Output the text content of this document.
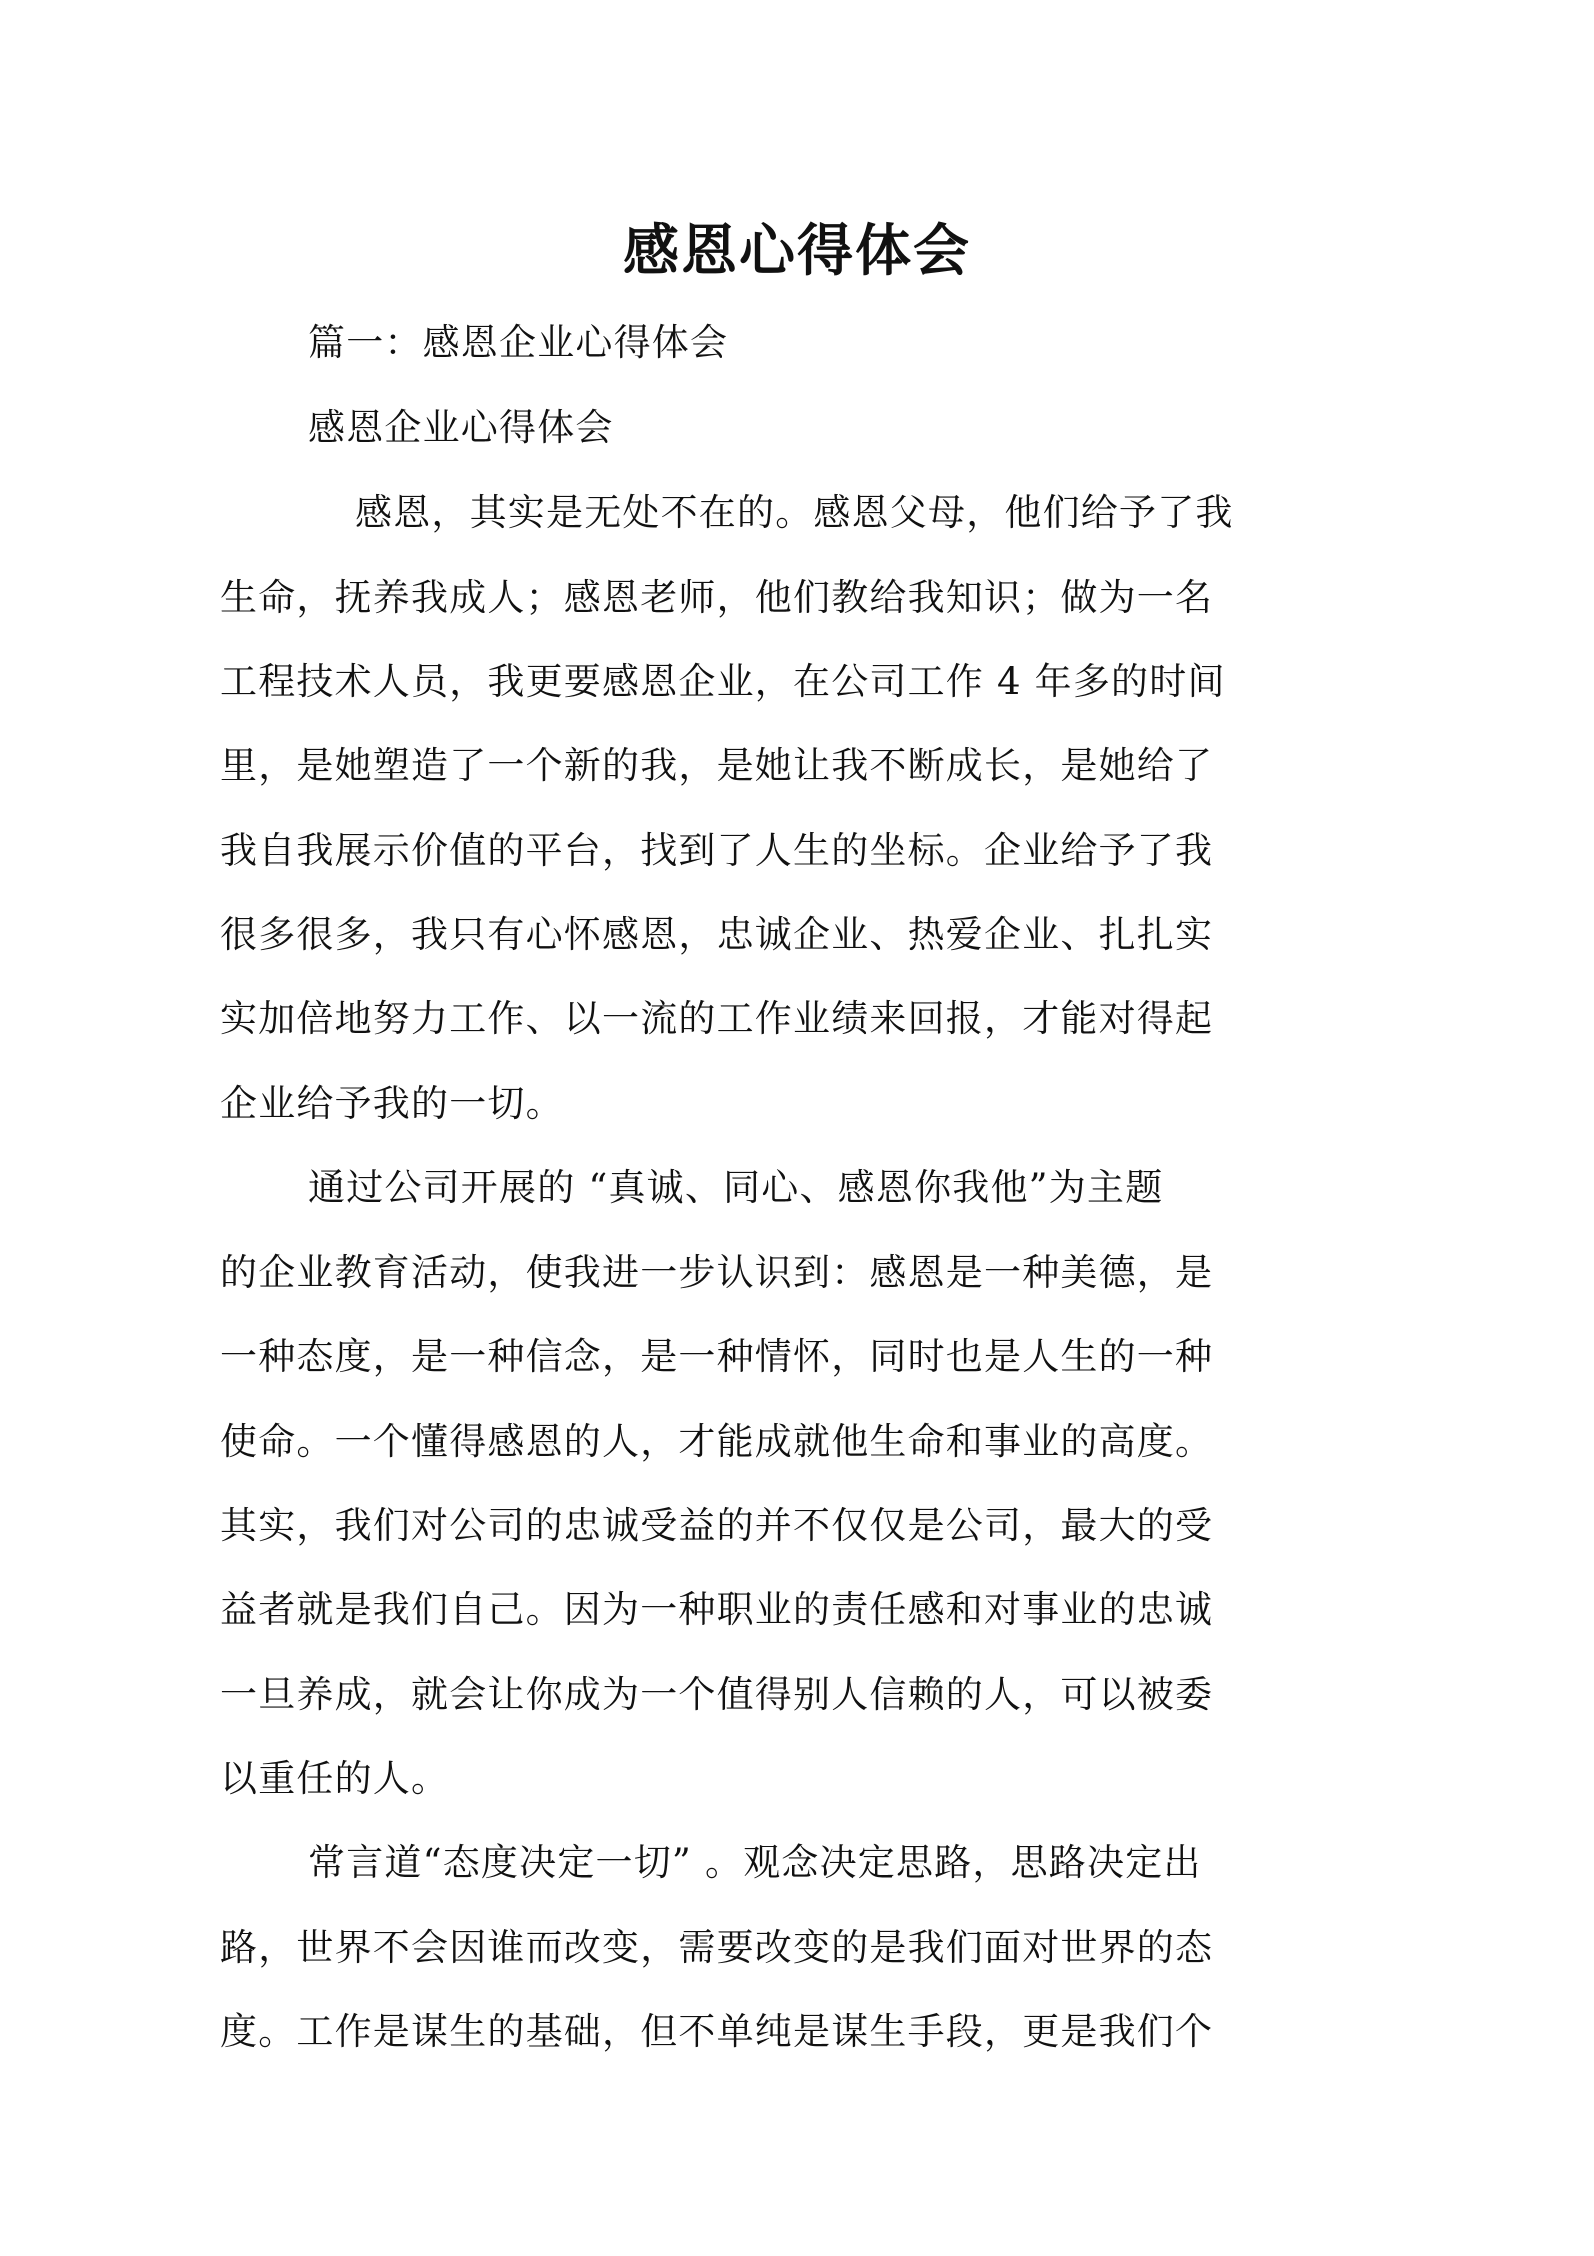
感恩心得体会
篇一：感恩企业心得体会
感恩企业心得体会
感恩，其实是无处不在的。感恩父母，他们给予了我
生命，抚养我成人；感恩老师，他们教给我知识；做为一名
工程技术人员，我更要感恩企业，在公司工作 4 年多的时间
里，是她塑造了一个新的我，是她让我不断成长，是她给了
我自我展示价值的平台，找到了人生的坐标。企业给予了我
很多很多，我只有心怀感恩，忠诚企业、热爱企业、扎扎实
实加倍地努力工作、以一流的工作业绩来回报，才能对得起
企业给予我的一切。
通过公司开展的 “真诚、同心、感恩你我他”为主题
的企业教育活动，使我进一步认识到：感恩是一种美德，是
一种态度，是一种信念，是一种情怀，同时也是人生的一种
使命。一个懂得感恩的人，才能成就他生命和事业的高度。
其实，我们对公司的忠诚受益的并不仅仅是公司，最大的受
益者就是我们自己。因为一种职业的责任感和对事业的忠诚
一旦养成，就会让你成为一个值得别人信赖的人，可以被委
以重任的人。
常言道“态度决定一切” 。观念决定思路，思路决定出
路，世界不会因谁而改变，需要改变的是我们面对世界的态
度。工作是谋生的基础，但不单纯是谋生手段，更是我们个
